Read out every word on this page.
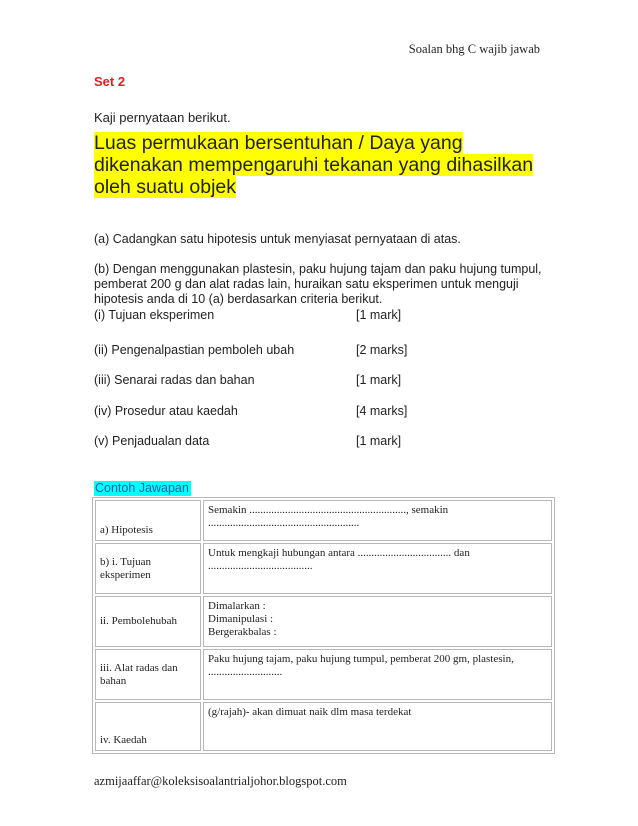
Soalan bhg C wajib jawab
Set 2
Kaji pernyataan berikut.
Luas permukaan bersentuhan / Daya yang dikenakan mempengaruhi tekanan yang dihasilkan oleh suatu objek
(a) Cadangkan satu hipotesis untuk menyiasat pernyataan di atas.
(b) Dengan menggunakan plastesin, paku hujung tajam dan paku hujung tumpul, pemberat 200 g dan alat radas lain, huraikan satu eksperimen untuk menguji hipotesis anda di 10 (a) berdasarkan criteria berikut.
(i) Tujuan eksperimen	[1 mark]
(ii) Pengenalpastian pemboleh ubah	[2 marks]
(iii) Senarai radas dan bahan	[1 mark]
(iv) Prosedur atau kaedah	[4 marks]
(v) Penjadualan data	[1 mark]
Contoh Jawapan
a) Hipotesis	Semakin ........................................................., semakin .......................................................
b) i. Tujuan eksperimen	Untuk mengkaji hubungan antara .................................. dan ......................................
ii. Pembolehubah	Dimalarkan :
Dimanipulasi :
Bergerakbalas :

iii. Alat radas dan bahan	Paku hujung tajam, paku hujung tumpul, pemberat 200 gm, plastesin, ...........................
iv. Kaedah	(g/rajah)- akan dimuat naik dlm masa terdekat
azmijaaffar@koleksisoalantrialjohor.blogspot.com
